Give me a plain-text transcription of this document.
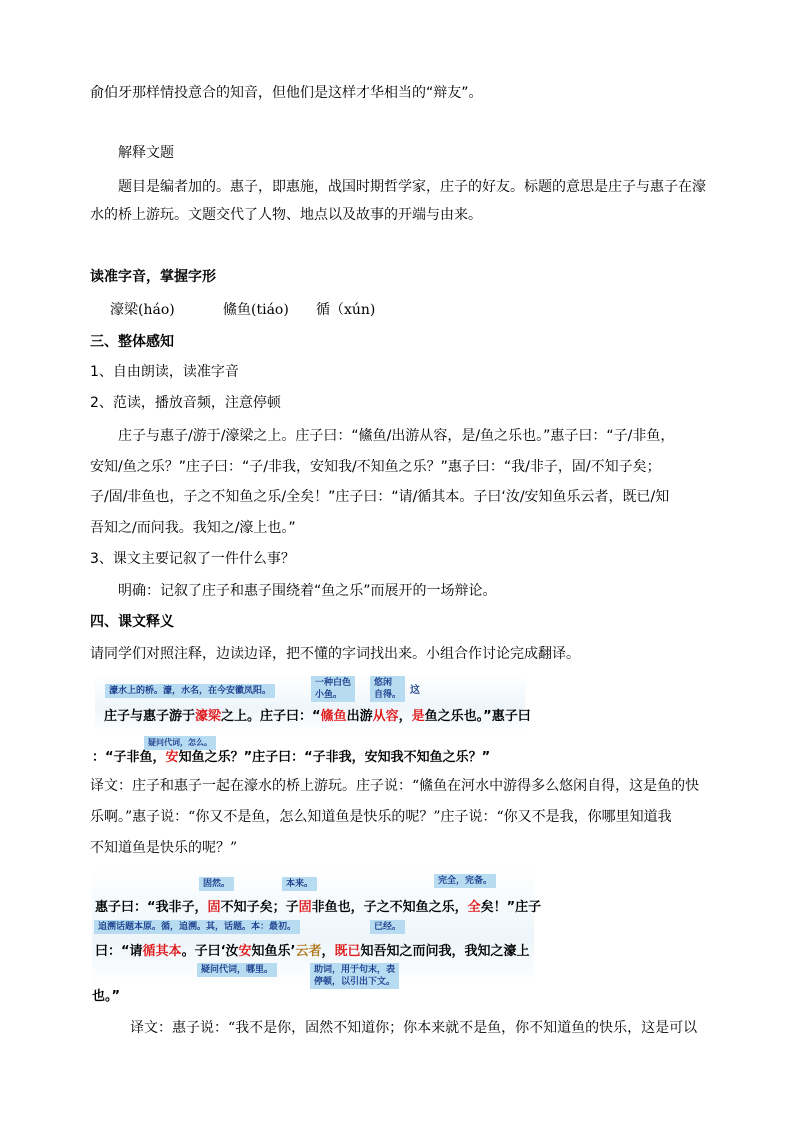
俞伯牙那样情投意合的知音，但他们是这样才华相当的“辩友”。
解释文题
题目是编者加的。惠子，即惠施，战国时期哲学家，庄子的好友。标题的意思是庄子与惠子在濠
水的桥上游玩。文题交代了人物、地点以及故事的开端与由来。
读准字音，掌握字形
濠梁(háo)	鯈鱼(tiáo) 循（xún)
三、整体感知
1、自由朗读，读准字音
2、范读，播放音频，注意停顿
庄子与惠子/游于/濠梁之上。庄子曰：“鯈鱼/出游从容，是/鱼之乐也。”惠子曰：“子/非鱼，
安知/鱼之乐？”庄子曰：“子/非我，安知我/不知鱼之乐？”惠子曰：“我/非子，固/不知子矣；
子/固/非鱼也，子之不知鱼之乐/全矣！”庄子曰：“请/循其本。子曰‘汝/安知鱼乐云者，既已/知
吾知之/而问我。我知之/濠上也。”
3、课文主要记叙了一件什么事？
明确：记叙了庄子和惠子围绕着“鱼之乐”而展开的一场辩论。
四、课文释义
请同学们对照注释，边读边译，把不懂的字词找出来。小组合作讨论完成翻译。
濠水上的桥。濠，水名，在今安徽凤阳。
一种白色
小鱼。
悠闲
自得。 这
庄子与惠子游于濠梁之上。庄子曰：“鯈鱼出游从容，是鱼之乐也。”惠子曰
疑问代词，怎么。
：“子非鱼，安知鱼之乐？”庄子曰：“子非我，安知我不知鱼之乐？”
译文：庄子和惠子一起在濠水的桥上游玩。庄子说：“鯈鱼在河水中游得多么悠闲自得，这是鱼的快
乐啊。”惠子说：“你又不是鱼，怎么知道鱼是快乐的呢？”庄子说：“你又不是我，你哪里知道我
不知道鱼是快乐的呢？”
固然。	本来。	完全，完备。
惠子曰：“我非子，固不知子矣；子固非鱼也，子之不知鱼之乐，全矣！”庄子
追溯话题本原。循，追溯。其，话题。本：最初。	已经。
曰：“请循其本。子曰‘汝安知鱼乐’云者，既已知吾知之而问我，我知之濠上
疑问代词，哪里。	助词，用于句末，表
停顿，以引出下文。
也。”
译文：惠子说：“我不是你，固然不知道你；你本来就不是鱼，你不知道鱼的快乐，这是可以
